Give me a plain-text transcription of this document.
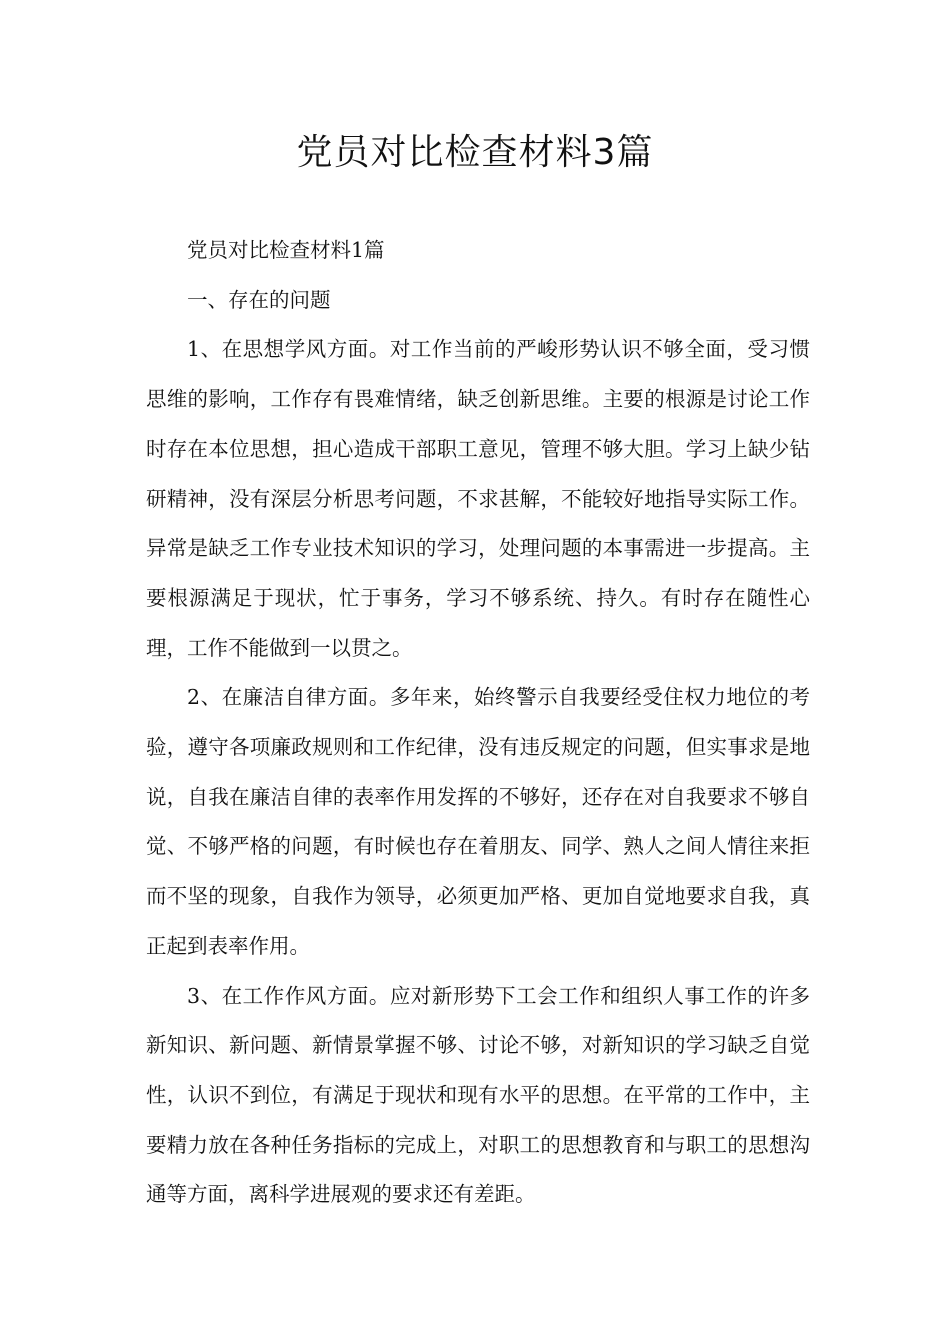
党员对比检查材料3篇

党员对比检查材料1篇

一、存在的问题

1、在思想学风方面。对工作当前的严峻形势认识不够全面，受习惯思维的影响，工作存有畏难情绪，缺乏创新思维。主要的根源是讨论工作时存在本位思想，担心造成干部职工意见，管理不够大胆。学习上缺少钻研精神，没有深层分析思考问题，不求甚解，不能较好地指导实际工作。异常是缺乏工作专业技术知识的学习，处理问题的本事需进一步提高。主要根源满足于现状，忙于事务，学习不够系统、持久。有时存在随性心理，工作不能做到一以贯之。

2、在廉洁自律方面。多年来，始终警示自我要经受住权力地位的考验，遵守各项廉政规则和工作纪律，没有违反规定的问题，但实事求是地说，自我在廉洁自律的表率作用发挥的不够好，还存在对自我要求不够自觉、不够严格的问题，有时候也存在着朋友、同学、熟人之间人情往来拒而不坚的现象，自我作为领导，必须更加严格、更加自觉地要求自我，真正起到表率作用。

3、在工作作风方面。应对新形势下工会工作和组织人事工作的许多新知识、新问题、新情景掌握不够、讨论不够，对新知识的学习缺乏自觉性，认识不到位，有满足于现状和现有水平的思想。在平常的工作中，主要精力放在各种任务指标的完成上，对职工的思想教育和与职工的思想沟通等方面，离科学进展观的要求还有差距。
